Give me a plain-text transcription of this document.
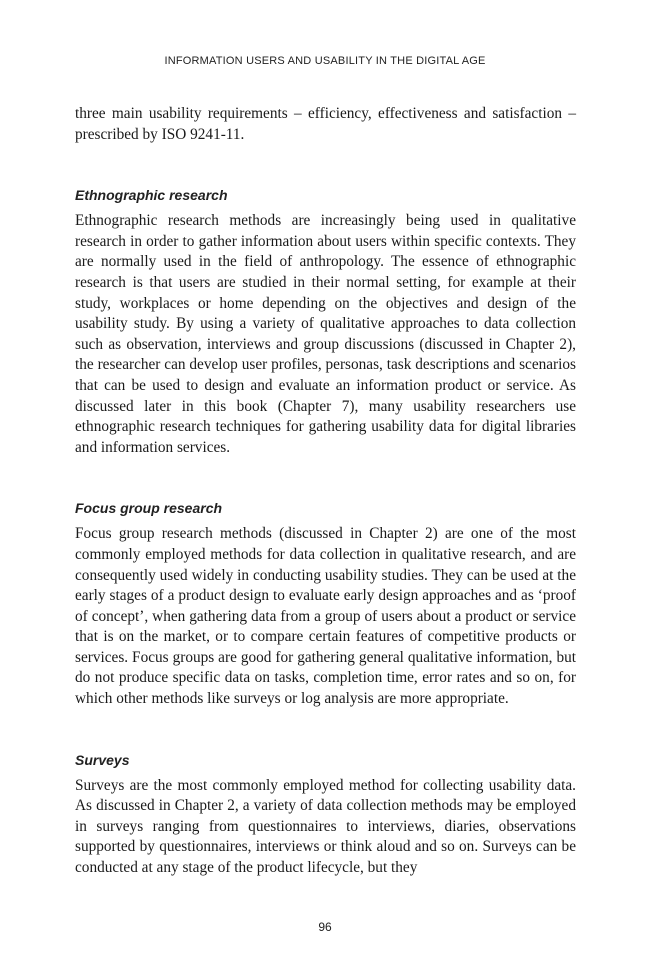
INFORMATION USERS AND USABILITY IN THE DIGITAL AGE

three main usability requirements – efficiency, effectiveness and satisfaction – prescribed by ISO 9241-11.

Ethnographic research

Ethnographic research methods are increasingly being used in qualitative research in order to gather information about users within specific contexts. They are normally used in the field of anthropology. The essence of ethnographic research is that users are studied in their normal setting, for example at their study, workplaces or home depending on the objectives and design of the usability study. By using a variety of qualitative approaches to data collection such as observation, interviews and group discussions (discussed in Chapter 2), the researcher can develop user profiles, personas, task descriptions and scenarios that can be used to design and evaluate an information product or service. As discussed later in this book (Chapter 7), many usability researchers use ethnographic research techniques for gathering usability data for digital libraries and information services.

Focus group research

Focus group research methods (discussed in Chapter 2) are one of the most commonly employed methods for data collection in qualitative research, and are consequently used widely in conducting usability studies. They can be used at the early stages of a product design to evaluate early design approaches and as ‘proof of concept’, when gathering data from a group of users about a product or service that is on the market, or to compare certain features of competitive products or services. Focus groups are good for gathering general qualitative information, but do not produce specific data on tasks, completion time, error rates and so on, for which other methods like surveys or log analysis are more appropriate.

Surveys

Surveys are the most commonly employed method for collecting usability data. As discussed in Chapter 2, a variety of data collection methods may be employed in surveys ranging from questionnaires to interviews, diaries, observations supported by questionnaires, interviews or think aloud and so on. Surveys can be conducted at any stage of the product lifecycle, but they

96
